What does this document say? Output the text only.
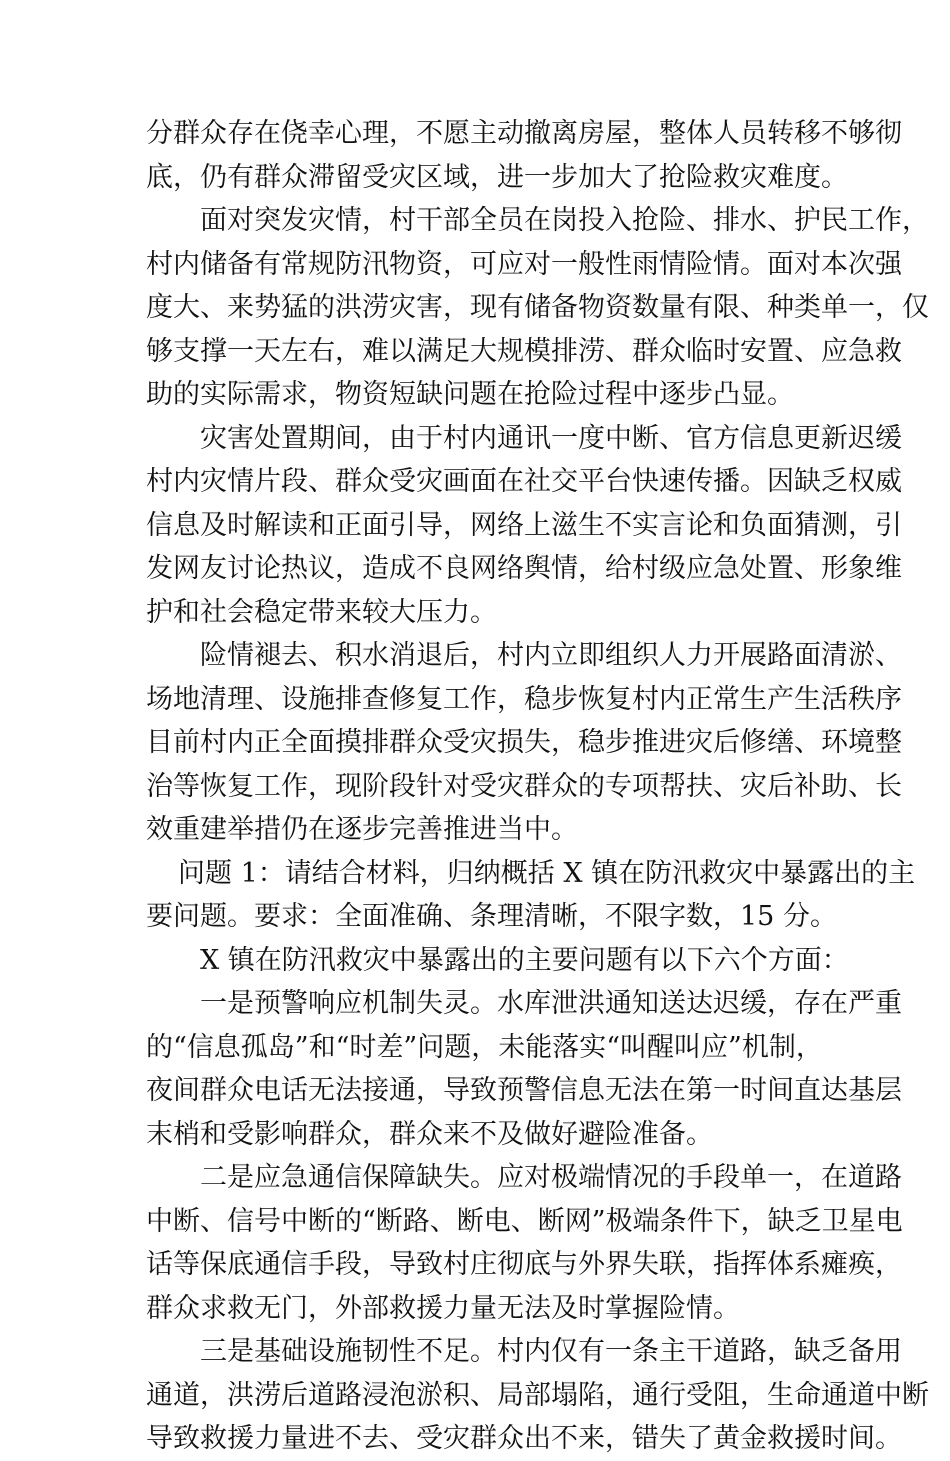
分群众存在侥幸心理，不愿主动撤离房屋，整体人员转移不够彻
底，仍有群众滞留受灾区域，进一步加大了抢险救灾难度。

面对突发灾情，村干部全员在岗投入抢险、排水、护民工作，
村内储备有常规防汛物资，可应对一般性雨情险情。面对本次强
度大、来势猛的洪涝灾害，现有储备物资数量有限、种类单一，仅
够支撑一天左右，难以满足大规模排涝、群众临时安置、应急救
助的实际需求，物资短缺问题在抢险过程中逐步凸显。

灾害处置期间，由于村内通讯一度中断、官方信息更新迟缓
村内灾情片段、群众受灾画面在社交平台快速传播。因缺乏权威
信息及时解读和正面引导，网络上滋生不实言论和负面猜测，引
发网友讨论热议，造成不良网络舆情，给村级应急处置、形象维
护和社会稳定带来较大压力。

险情褪去、积水消退后，村内立即组织人力开展路面清淤、
场地清理、设施排查修复工作，稳步恢复村内正常生产生活秩序
目前村内正全面摸排群众受灾损失，稳步推进灾后修缮、环境整
治等恢复工作，现阶段针对受灾群众的专项帮扶、灾后补助、长
效重建举措仍在逐步完善推进当中。

问题 1：请结合材料，归纳概括 X 镇在防汛救灾中暴露出的主
要问题。要求：全面准确、条理清晰，不限字数，15 分。

X 镇在防汛救灾中暴露出的主要问题有以下六个方面：

一是预警响应机制失灵。水库泄洪通知送达迟缓，存在严重
的“信息孤岛”和“时差”问题，未能落实“叫醒叫应”机制，
夜间群众电话无法接通，导致预警信息无法在第一时间直达基层
末梢和受影响群众，群众来不及做好避险准备。

二是应急通信保障缺失。应对极端情况的手段单一，在道路
中断、信号中断的“断路、断电、断网”极端条件下，缺乏卫星电
话等保底通信手段，导致村庄彻底与外界失联，指挥体系瘫痪，
群众求救无门，外部救援力量无法及时掌握险情。

三是基础设施韧性不足。村内仅有一条主干道路，缺乏备用
通道，洪涝后道路浸泡淤积、局部塌陷，通行受阻，生命通道中断
导致救援力量进不去、受灾群众出不来，错失了黄金救援时间。
